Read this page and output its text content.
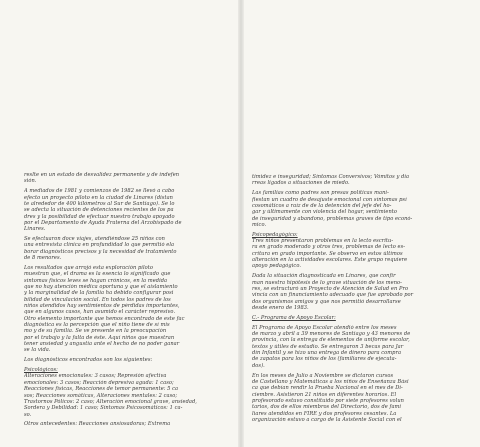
reslte en un estado de desvalidez permanente y de indefen
sión.
A mediados de 1981 y comienzos de 1982 se llevó a cabo
efecto un proyecto piloto en la ciudad de Linares (distan
te alrededor de 400 kilómetros al Sur de Santiago). Se lo
se adecta la situación de detenciones recientes de los pa
dres y la posibilidad de efectuar nuestro trabajo apoyado
por el Departamento de Ayuda Fraterna del Arzobispado de
Linares.
Se efectuaron doce viajes, atendiéndose 25 niños con
una entrevista clínica en profundidad lo que permitió ela
borar diagnósticos precisos y la necesidad de tratamiento
de 8 menores.
Los resultados que arrojó esta exploración piloto
muestran que, el drama es la esencia lo significado que
síntomas físicos leves se hagan crónicos, en la medida
que no hay atención médica oportuna y que el aislamiento
y la marginalidad de la familia ha debido configurar posi
bilidad de vinculación social. En todos los padres de los
niños atendidos hay sentimientos de pérdidas importantes,
que en algunos casos, han asumido el carácter represivo.
Otro elemento importante que hemos encontrado de este fac
diagnóstica es la percepción que el niño tiene de sí mis
mo y de su familia. Se ve presente en la preocupación
por el trabajo y la falta de éste. Aquí niños que muestran
tener ansiedad y angustia ante el hecho de no poder ganar
se la vida.
Los diagnósticos encontrados son los siguientes:
Psicológicos:
Alteraciones emocionales: 3 casos; Represión afectiva
emocionales: 3 casos; Reacción depresiva aguda: 1 caso;
Reacciones físicas, Reacciones de temor permanente: 5 ca
sos; Reacciones somáticas, Alteraciones mentales: 2 caso;
Trastornos Pólicos: 2 caso; Alteración emocional grave, ansiedad,
Sordera y Debilidad: 1 caso; Síntomas Psicosomáticos: 1 ca-
so.
Otros antecedentes: Reacciones ansiosadoras; Extrema
timidez e inseguridad; Síntomas Conversivos; Vómitos y dia
rreas ligados a situaciones de miedo.
Las familias como padres son presas políticas mani-
fiestan un cuadro de desajuste emocional con síntomas psí
cosomáticos a raíz de de la detención del jefe del ho-
gar y últimamente con violencia del hogar, sentimiento
de inseguridad y abandono, problemas graves de tipo econó-
mico.
Psicopedagógico:
Tres niños presentaron problemas en la lecto escritu-
ra en grado moderado y otros tres, problemas de lecto es-
critura en grado importante. Se observo en estos últimos
alteración en la actividades escolares. Este grupo requiere
apoyo pedagógico.
Dada la situación diagnosticada en Linares, que confir
man nuestra hipótesis de lo grave situación de los meno-
res, se estructuró un Proyecto de Atención de Salud en Pro
vincia con un financiamiento adecuado que fue aprobado por
dos organismos amigos y que nos permitió desarrollarse
desde enero de 1983.
C.- Programa de Apoyo Escolar:
El Programa de Apoyo Escolar atendió entre los meses
de marzo y abril a 39 menores de Santiago y 43 menores de
provincia, con la entrega de elementos de uniforme escolar,
textos y útiles de estudio. Se entregaron 3 becas para Jar
dín Infantil y se hizo una entrega de dinero para compra
de zapatos para los niños de los (familiares de ejecuta-
dos).
En los meses de Julio a Noviembre se dictaron cursos
de Castellano y Matemáticas a los niños de Enseñanza Bási
ca que debían rendir la Prueba Nacional en el mes de Di-
ciembre. Asistieron 21 niños en diferentes horarios. El
profesorado estuvo constituido por siete profesores volun
tarios, dos de ellos miembros del Directorio, dos de fami
liares atendidos en FIRE y dos profesores cesantes. La
organización estuvo a cargo de la Asistente Social con el
